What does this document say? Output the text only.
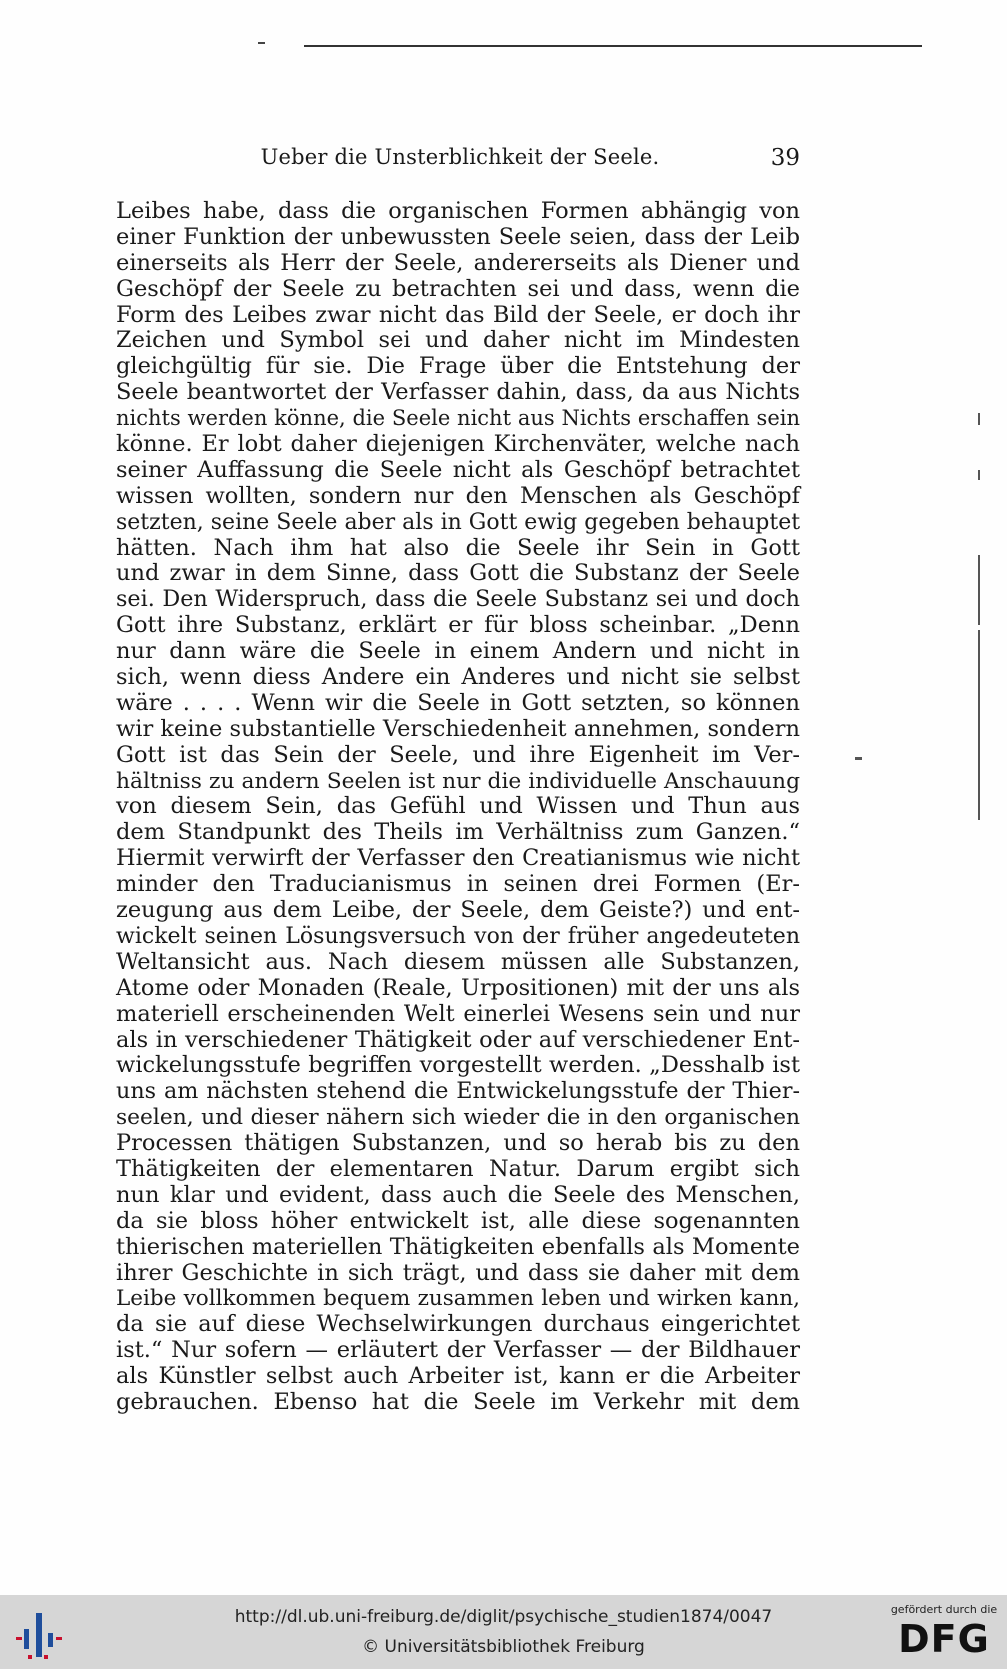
Ueber die Unsterblichkeit der Seele.	39
Leibes habe, dass die organischen Formen abhängig von
einer Funktion der unbewussten Seele seien, dass der Leib
einerseits als Herr der Seele, andererseits als Diener und
Geschöpf der Seele zu betrachten sei und dass, wenn die
Form des Leibes zwar nicht das Bild der Seele, er doch ihr
Zeichen und Symbol sei und daher nicht im Mindesten
gleichgültig für sie. Die Frage über die Entstehung der
Seele beantwortet der Verfasser dahin, dass, da aus Nichts
nichts werden könne, die Seele nicht aus Nichts erschaffen sein
könne. Er lobt daher diejenigen Kirchenväter, welche nach
seiner Auffassung die Seele nicht als Geschöpf betrachtet
wissen wollten, sondern nur den Menschen als Geschöpf
setzten, seine Seele aber als in Gott ewig gegeben behauptet
hätten. Nach ihm hat also die Seele ihr Sein in Gott
und zwar in dem Sinne, dass Gott die Substanz der Seele
sei. Den Widerspruch, dass die Seele Substanz sei und doch
Gott ihre Substanz, erklärt er für bloss scheinbar. „Denn
nur dann wäre die Seele in einem Andern und nicht in
sich, wenn diess Andere ein Anderes und nicht sie selbst
wäre . . . . Wenn wir die Seele in Gott setzten, so können
wir keine substantielle Verschiedenheit annehmen, sondern
Gott ist das Sein der Seele, und ihre Eigenheit im Ver-
hältniss zu andern Seelen ist nur die individuelle Anschauung
von diesem Sein, das Gefühl und Wissen und Thun aus
dem Standpunkt des Theils im Verhältniss zum Ganzen.“
Hiermit verwirft der Verfasser den Creatianismus wie nicht
minder den Traducianismus in seinen drei Formen (Er-
zeugung aus dem Leibe, der Seele, dem Geiste?) und ent-
wickelt seinen Lösungsversuch von der früher angedeuteten
Weltansicht aus. Nach diesem müssen alle Substanzen,
Atome oder Monaden (Reale, Urpositionen) mit der uns als
materiell erscheinenden Welt einerlei Wesens sein und nur
als in verschiedener Thätigkeit oder auf verschiedener Ent-
wickelungsstufe begriffen vorgestellt werden. „Desshalb ist
uns am nächsten stehend die Entwickelungsstufe der Thier-
seelen, und dieser nähern sich wieder die in den organischen
Processen thätigen Substanzen, und so herab bis zu den
Thätigkeiten der elementaren Natur. Darum ergibt sich
nun klar und evident, dass auch die Seele des Menschen,
da sie bloss höher entwickelt ist, alle diese sogenannten
thierischen materiellen Thätigkeiten ebenfalls als Momente
ihrer Geschichte in sich trägt, und dass sie daher mit dem
Leibe vollkommen bequem zusammen leben und wirken kann,
da sie auf diese Wechselwirkungen durchaus eingerichtet
ist.“ Nur sofern — erläutert der Verfasser — der Bildhauer
als Künstler selbst auch Arbeiter ist, kann er die Arbeiter
gebrauchen. Ebenso hat die Seele im Verkehr mit dem
http://dl.ub.uni-freiburg.de/diglit/psychische_studien1874/0047
© Universitätsbibliothek Freiburg
gefördert durch die
DFG
